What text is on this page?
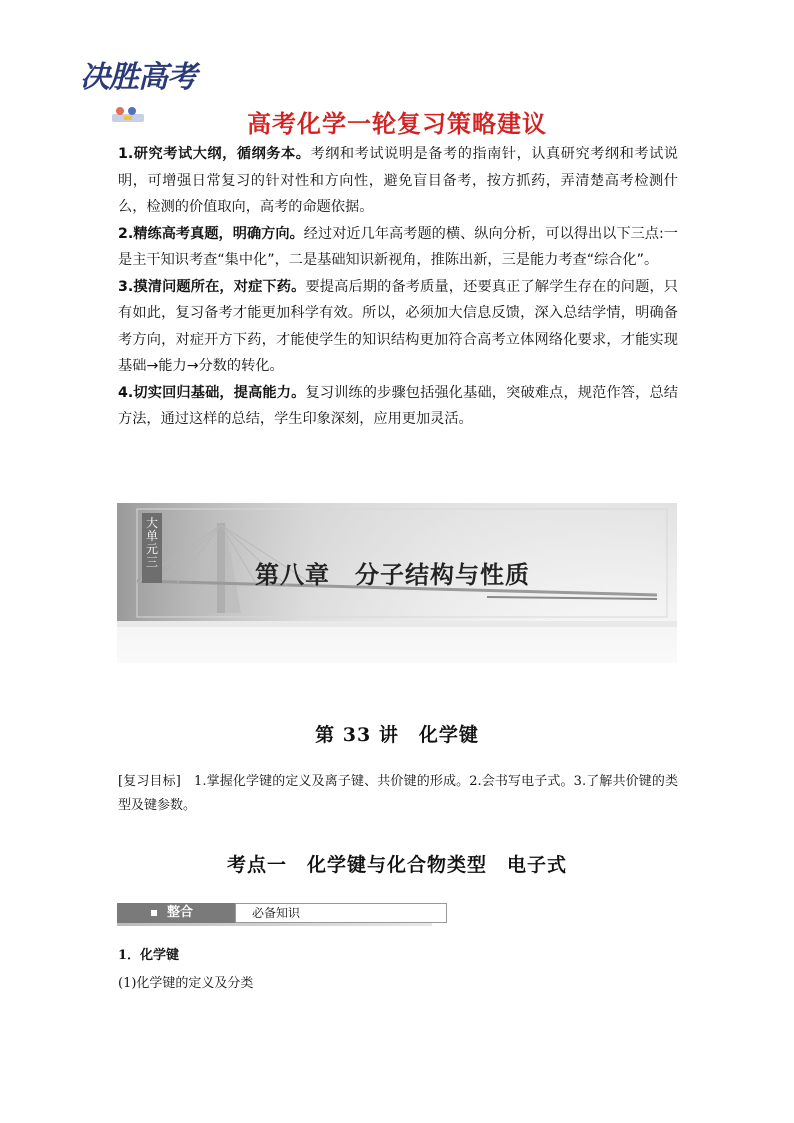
决胜高考
高考化学一轮复习策略建议

1.研究考试大纲，循纲务本。考纲和考试说明是备考的指南针，认真研究考纲和考试说明，可增强日常复习的针对性和方向性，避免盲目备考，按方抓药，弄清楚高考检测什么，检测的价值取向，高考的命题依据。

2.精练高考真题，明确方向。经过对近几年高考题的横、纵向分析，可以得出以下三点:一是主干知识考查“集中化”，二是基础知识新视角，推陈出新，三是能力考查“综合化”。

3.摸清问题所在，对症下药。要提高后期的备考质量，还要真正了解学生存在的问题，只有如此，复习备考才能更加科学有效。所以，必须加大信息反馈，深入总结学情，明确备考方向，对症开方下药，才能使学生的知识结构更加符合高考立体网络化要求，才能实现基础→能力→分数的转化。

4.切实回归基础，提高能力。复习训练的步骤包括强化基础，突破难点，规范作答，总结方法，通过这样的总结，学生印象深刻，应用更加灵活。

大单元三	第八章　分子结构与性质
第 33 讲　化学键
[复习目标]　1.掌握化学键的定义及离子键、共价键的形成。2.会书写电子式。3.了解共价键的类型及键参数。
考点一　化学键与化合物类型　电子式
整合	必备知识
1．化学键
(1)化学键的定义及分类
